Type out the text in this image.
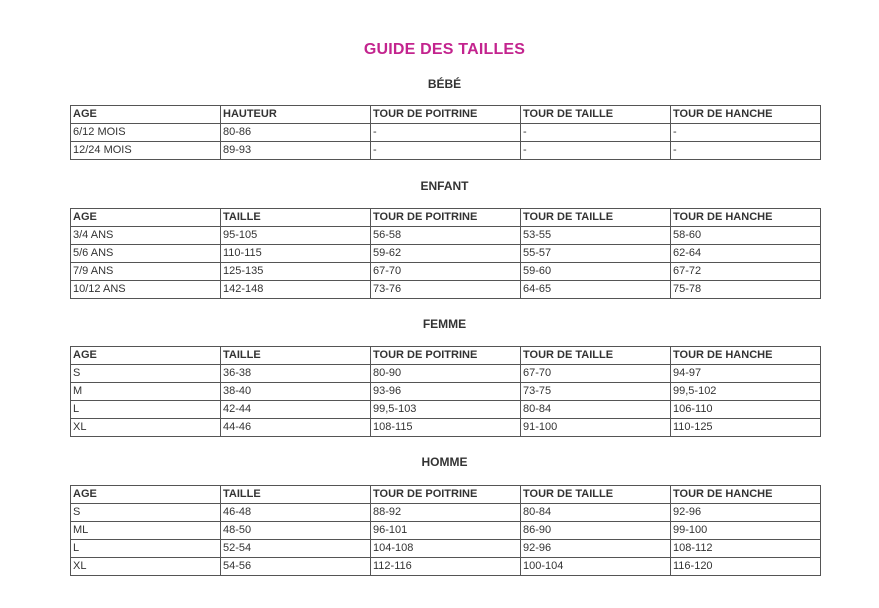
GUIDE DES TAILLES
BÉBÉ
AGE	HAUTEUR	TOUR DE POITRINE	TOUR DE TAILLE	TOUR DE HANCHE
6/12 MOIS	80-86	-	-	-
12/24 MOIS	89-93	-	-	-
ENFANT
AGE	TAILLE	TOUR DE POITRINE	TOUR DE TAILLE	TOUR DE HANCHE
3/4 ANS	95-105	56-58	53-55	58-60
5/6 ANS	110-115	59-62	55-57	62-64
7/9 ANS	125-135	67-70	59-60	67-72
10/12 ANS	142-148	73-76	64-65	75-78
FEMME
AGE	TAILLE	TOUR DE POITRINE	TOUR DE TAILLE	TOUR DE HANCHE
S	36-38	80-90	67-70	94-97
M	38-40	93-96	73-75	99,5-102
L	42-44	99,5-103	80-84	106-110
XL	44-46	108-115	91-100	110-125
HOMME
AGE	TAILLE	TOUR DE POITRINE	TOUR DE TAILLE	TOUR DE HANCHE
S	46-48	88-92	80-84	92-96
ML	48-50	96-101	86-90	99-100
L	52-54	104-108	92-96	108-112
XL	54-56	112-116	100-104	116-120
